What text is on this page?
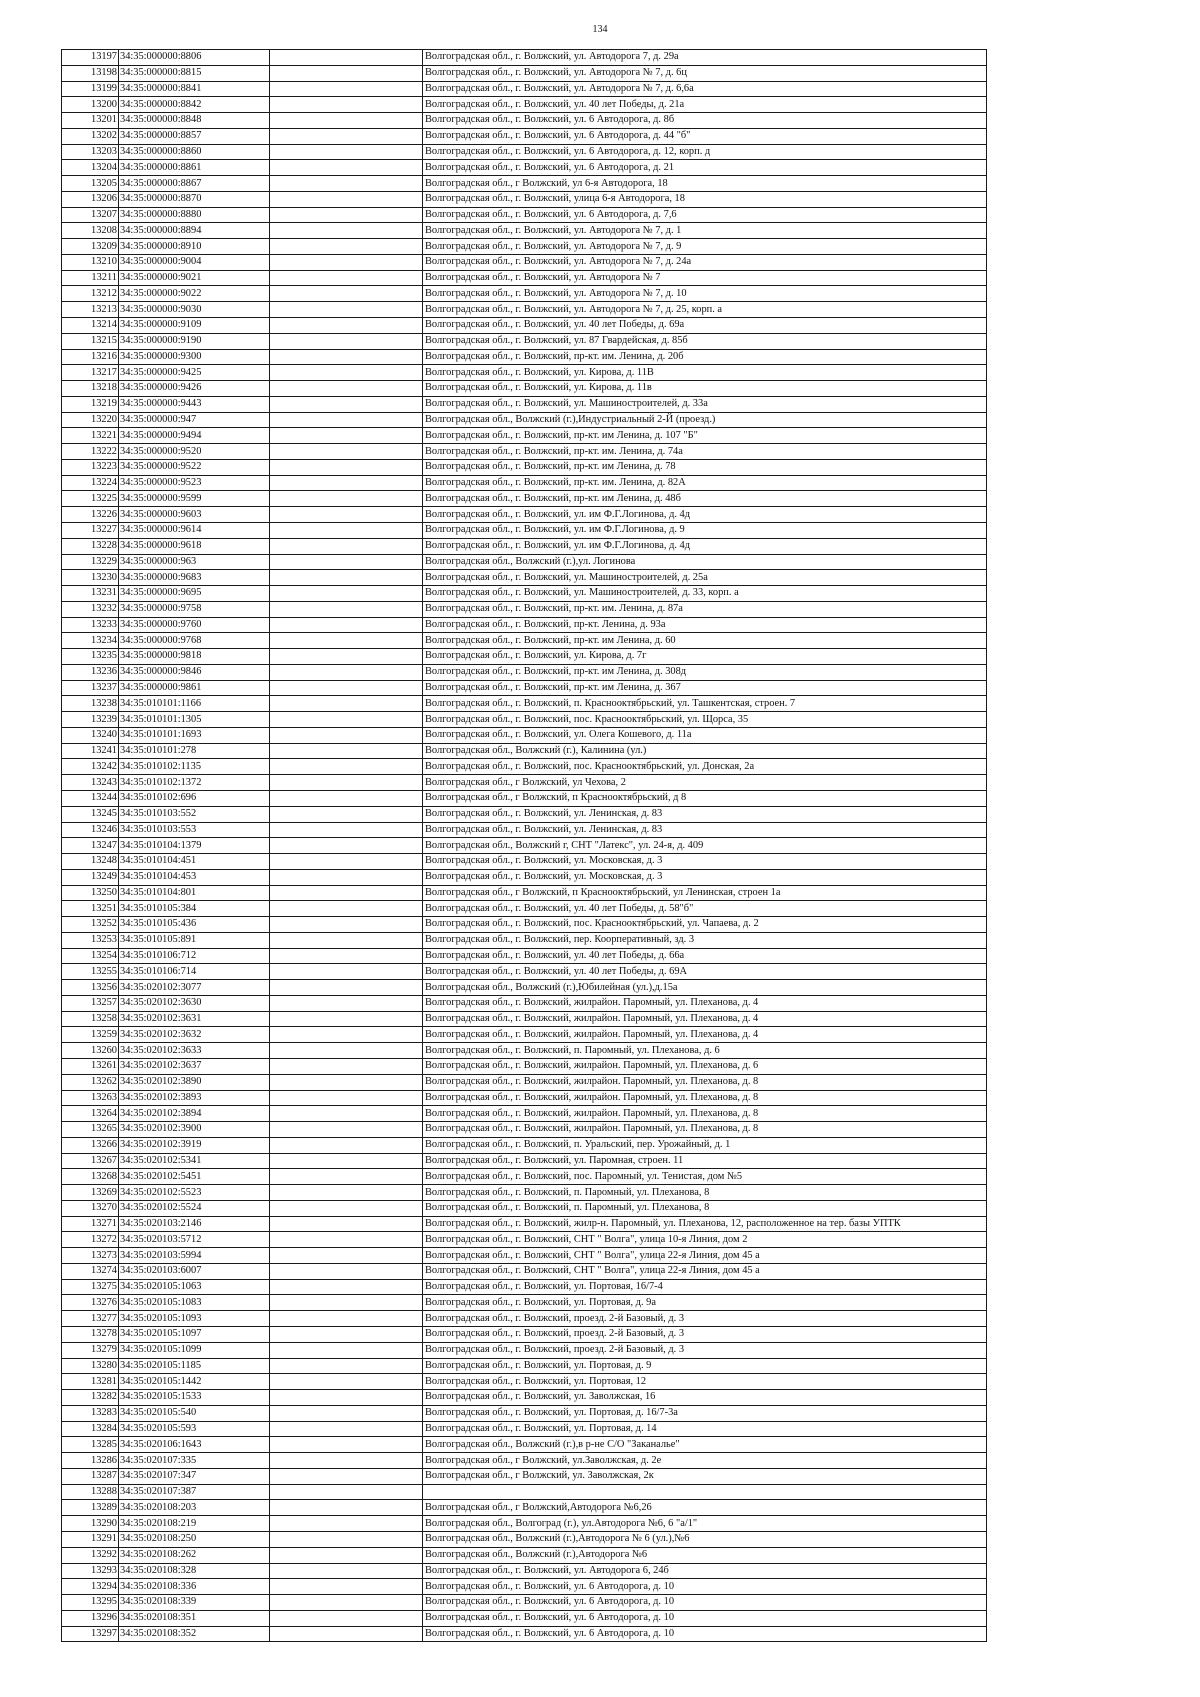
134
13197	34:35:000000:8806		Волгоградская обл., г. Волжский, ул. Автодорога 7, д. 29а
13198	34:35:000000:8815		Волгоградская обл., г. Волжский, ул. Автодорога № 7, д. 6ц
13199	34:35:000000:8841		Волгоградская обл., г. Волжский, ул. Автодорога № 7, д. 6,6а
13200	34:35:000000:8842		Волгоградская обл., г. Волжский, ул. 40 лет Победы, д. 21а
13201	34:35:000000:8848		Волгоградская обл., г. Волжский, ул. 6 Автодорога, д. 8б
13202	34:35:000000:8857		Волгоградская обл., г. Волжский, ул. 6 Автодорога, д. 44 "б"
13203	34:35:000000:8860		Волгоградская обл., г. Волжский, ул. 6 Автодорога, д. 12, корп. д
13204	34:35:000000:8861		Волгоградская обл., г. Волжский, ул. 6 Автодорога, д. 21
13205	34:35:000000:8867		Волгоградская обл., г Волжский, ул 6-я Автодорога, 18
13206	34:35:000000:8870		Волгоградская обл., г. Волжский, улица 6-я Автодорога, 18
13207	34:35:000000:8880		Волгоградская обл., г. Волжский, ул. 6 Автодорога, д. 7,6
13208	34:35:000000:8894		Волгоградская обл., г. Волжский, ул. Автодорога № 7, д. 1
13209	34:35:000000:8910		Волгоградская обл., г. Волжский, ул. Автодорога № 7, д. 9
13210	34:35:000000:9004		Волгоградская обл., г. Волжский, ул. Автодорога № 7, д. 24а
13211	34:35:000000:9021		Волгоградская обл., г. Волжский, ул. Автодорога № 7
13212	34:35:000000:9022		Волгоградская обл., г. Волжский, ул. Автодорога № 7, д. 10
13213	34:35:000000:9030		Волгоградская обл., г. Волжский, ул. Автодорога № 7, д. 25, корп. а
13214	34:35:000000:9109		Волгоградская обл., г. Волжский, ул. 40 лет Победы, д. 69а
13215	34:35:000000:9190		Волгоградская обл., г. Волжский, ул. 87 Гвардейская, д. 85б
13216	34:35:000000:9300		Волгоградская обл., г. Волжский, пр-кт. им. Ленина, д. 20б
13217	34:35:000000:9425		Волгоградская обл., г. Волжский, ул. Кирова, д. 11В
13218	34:35:000000:9426		Волгоградская обл., г. Волжский, ул. Кирова, д. 11в
13219	34:35:000000:9443		Волгоградская обл., г. Волжский, ул. Машиностроителей, д. 33а
13220	34:35:000000:947		Волгоградская обл., Волжский (г.),Индустриальный 2-Й (проезд.)
13221	34:35:000000:9494		Волгоградская обл., г. Волжский, пр-кт. им Ленина, д. 107 "Б"
13222	34:35:000000:9520		Волгоградская обл., г. Волжский, пр-кт. им. Ленина, д. 74а
13223	34:35:000000:9522		Волгоградская обл., г. Волжский, пр-кт. им Ленина, д. 78
13224	34:35:000000:9523		Волгоградская обл., г. Волжский, пр-кт. им. Ленина, д. 82А
13225	34:35:000000:9599		Волгоградская обл., г. Волжский, пр-кт. им Ленина, д. 48б
13226	34:35:000000:9603		Волгоградская обл., г. Волжский, ул. им Ф.Г.Логинова, д. 4д
13227	34:35:000000:9614		Волгоградская обл., г. Волжский, ул. им Ф.Г.Логинова, д. 9
13228	34:35:000000:9618		Волгоградская обл., г. Волжский, ул. им Ф.Г.Логинова, д. 4д
13229	34:35:000000:963		Волгоградская обл., Волжский (г.),ул. Логинова
13230	34:35:000000:9683		Волгоградская обл., г. Волжский, ул. Машиностроителей, д. 25а
13231	34:35:000000:9695		Волгоградская обл., г. Волжский, ул. Машиностроителей, д. 33, корп. а
13232	34:35:000000:9758		Волгоградская обл., г. Волжский, пр-кт. им. Ленина, д. 87а
13233	34:35:000000:9760		Волгоградская обл., г. Волжский, пр-кт. Ленина, д. 93а
13234	34:35:000000:9768		Волгоградская обл., г. Волжский, пр-кт. им Ленина, д. 60
13235	34:35:000000:9818		Волгоградская обл., г. Волжский, ул. Кирова, д. 7г
13236	34:35:000000:9846		Волгоградская обл., г. Волжский, пр-кт. им Ленина, д. 308д
13237	34:35:000000:9861		Волгоградская обл., г. Волжский, пр-кт. им Ленина, д. 367
13238	34:35:010101:1166		Волгоградская обл., г. Волжский, п. Краснооктябрьский, ул. Ташкентская, строен. 7
13239	34:35:010101:1305		Волгоградская обл., г. Волжский, пос. Краснооктябрьский, ул. Щорса, 35
13240	34:35:010101:1693		Волгоградская обл., г. Волжский, ул. Олега Кошевого, д. 11а
13241	34:35:010101:278		Волгоградская обл., Волжский (г.), Калинина (ул.)
13242	34:35:010102:1135		Волгоградская обл., г. Волжский, пос. Краснооктябрьский, ул. Донская, 2а
13243	34:35:010102:1372		Волгоградская обл., г Волжский, ул Чехова, 2
13244	34:35:010102:696		Волгоградская обл., г Волжский, п Краснооктябрьский, д 8
13245	34:35:010103:552		Волгоградская обл., г. Волжский, ул. Ленинская, д. 83
13246	34:35:010103:553		Волгоградская обл., г. Волжский, ул. Ленинская, д. 83
13247	34:35:010104:1379		Волгоградская обл., Волжский г, СНТ "Латекс", ул. 24-я, д. 409
13248	34:35:010104:451		Волгоградская обл., г. Волжский, ул. Московская, д. 3
13249	34:35:010104:453		Волгоградская обл., г. Волжский, ул. Московская, д. 3
13250	34:35:010104:801		Волгоградская обл., г Волжский, п Краснооктябрьский, ул Ленинская, строен 1а
13251	34:35:010105:384		Волгоградская обл., г. Волжский, ул. 40 лет Победы, д. 58"б"
13252	34:35:010105:436		Волгоградская обл., г. Волжский, пос. Краснооктябрьский, ул. Чапаева, д. 2
13253	34:35:010105:891		Волгоградская обл., г. Волжский, пер. Коорперативный, зд. 3
13254	34:35:010106:712		Волгоградская обл., г. Волжский, ул. 40 лет Победы, д. 66а
13255	34:35:010106:714		Волгоградская обл., г. Волжский, ул. 40 лет Победы, д. 69А
13256	34:35:020102:3077		Волгоградская обл., Волжский (г.),Юбилейная (ул.),д.15а
13257	34:35:020102:3630		Волгоградская обл., г. Волжский, жилрайон. Паромный, ул. Плеханова, д. 4
13258	34:35:020102:3631		Волгоградская обл., г. Волжский, жилрайон. Паромный, ул. Плеханова, д. 4
13259	34:35:020102:3632		Волгоградская обл., г. Волжский, жилрайон. Паромный, ул. Плеханова, д. 4
13260	34:35:020102:3633		Волгоградская обл., г. Волжский, п. Паромный, ул. Плеханова, д. 6
13261	34:35:020102:3637		Волгоградская обл., г. Волжский, жилрайон. Паромный, ул. Плеханова, д. 6
13262	34:35:020102:3890		Волгоградская обл., г. Волжский, жилрайон. Паромный, ул. Плеханова, д. 8
13263	34:35:020102:3893		Волгоградская обл., г. Волжский, жилрайон. Паромный, ул. Плеханова, д. 8
13264	34:35:020102:3894		Волгоградская обл., г. Волжский, жилрайон. Паромный, ул. Плеханова, д. 8
13265	34:35:020102:3900		Волгоградская обл., г. Волжский, жилрайон. Паромный, ул. Плеханова, д. 8
13266	34:35:020102:3919		Волгоградская обл., г. Волжский, п. Уральский, пер. Урожайный, д. 1
13267	34:35:020102:5341		Волгоградская обл., г. Волжский, ул. Паромная, строен. 11
13268	34:35:020102:5451		Волгоградская обл., г. Волжский, пос. Паромный, ул. Тенистая, дом №5
13269	34:35:020102:5523		Волгоградская обл., г. Волжский, п. Паромный, ул. Плеханова, 8
13270	34:35:020102:5524		Волгоградская обл., г. Волжский, п. Паромный, ул. Плеханова, 8
13271	34:35:020103:2146		Волгоградская обл., г. Волжский, жилр-н. Паромный, ул. Плеханова, 12, расположенное на тер. базы УПТК
13272	34:35:020103:5712		Волгоградская обл., г. Волжский, СНТ " Волга", улица 10-я Линия, дом 2
13273	34:35:020103:5994		Волгоградская обл., г. Волжский, СНТ " Волга", улица 22-я Линия, дом 45 а
13274	34:35:020103:6007		Волгоградская обл., г. Волжский, СНТ " Волга", улица 22-я Линия, дом 45 а
13275	34:35:020105:1063		Волгоградская обл., г. Волжский, ул. Портовая, 16/7-4
13276	34:35:020105:1083		Волгоградская обл., г. Волжский, ул. Портовая, д. 9а
13277	34:35:020105:1093		Волгоградская обл., г. Волжский, проезд. 2-й Базовый, д. 3
13278	34:35:020105:1097		Волгоградская обл., г. Волжский, проезд. 2-й Базовый, д. 3
13279	34:35:020105:1099		Волгоградская обл., г. Волжский, проезд. 2-й Базовый, д. 3
13280	34:35:020105:1185		Волгоградская обл., г. Волжский, ул. Портовая, д. 9
13281	34:35:020105:1442		Волгоградская обл., г. Волжский, ул. Портовая, 12
13282	34:35:020105:1533		Волгоградская обл., г. Волжский, ул. Заволжская, 16
13283	34:35:020105:540		Волгоградская обл., г. Волжский, ул. Портовая, д. 16/7-3а
13284	34:35:020105:593		Волгоградская обл., г. Волжский, ул. Портовая, д. 14
13285	34:35:020106:1643		Волгоградская обл., Волжский (г.),в р-не С/О "Заканалье"
13286	34:35:020107:335		Волгоградская обл., г Волжский, ул.Заволжская, д. 2е
13287	34:35:020107:347		Волгоградская обл., г Волжский, ул. Заволжская, 2к
13288	34:35:020107:387		
13289	34:35:020108:203		Волгоградская обл., г Волжский,Автодорога №6,26
13290	34:35:020108:219		Волгоградская обл., Волгоград (г.), ул.Автодорога №6, 6 "а/1"
13291	34:35:020108:250		Волгоградская обл., Волжский (г.),Автодорога № 6 (ул.),№6
13292	34:35:020108:262		Волгоградская обл., Волжский (г.),Автодорога №6
13293	34:35:020108:328		Волгоградская обл., г. Волжский, ул. Автодорога 6, 24б
13294	34:35:020108:336		Волгоградская обл., г. Волжский, ул. 6 Автодорога, д. 10
13295	34:35:020108:339		Волгоградская обл., г. Волжский, ул. 6 Автодорога, д. 10
13296	34:35:020108:351		Волгоградская обл., г. Волжский, ул. 6 Автодорога, д. 10
13297	34:35:020108:352		Волгоградская обл., г. Волжский, ул. 6 Автодорога, д. 10
